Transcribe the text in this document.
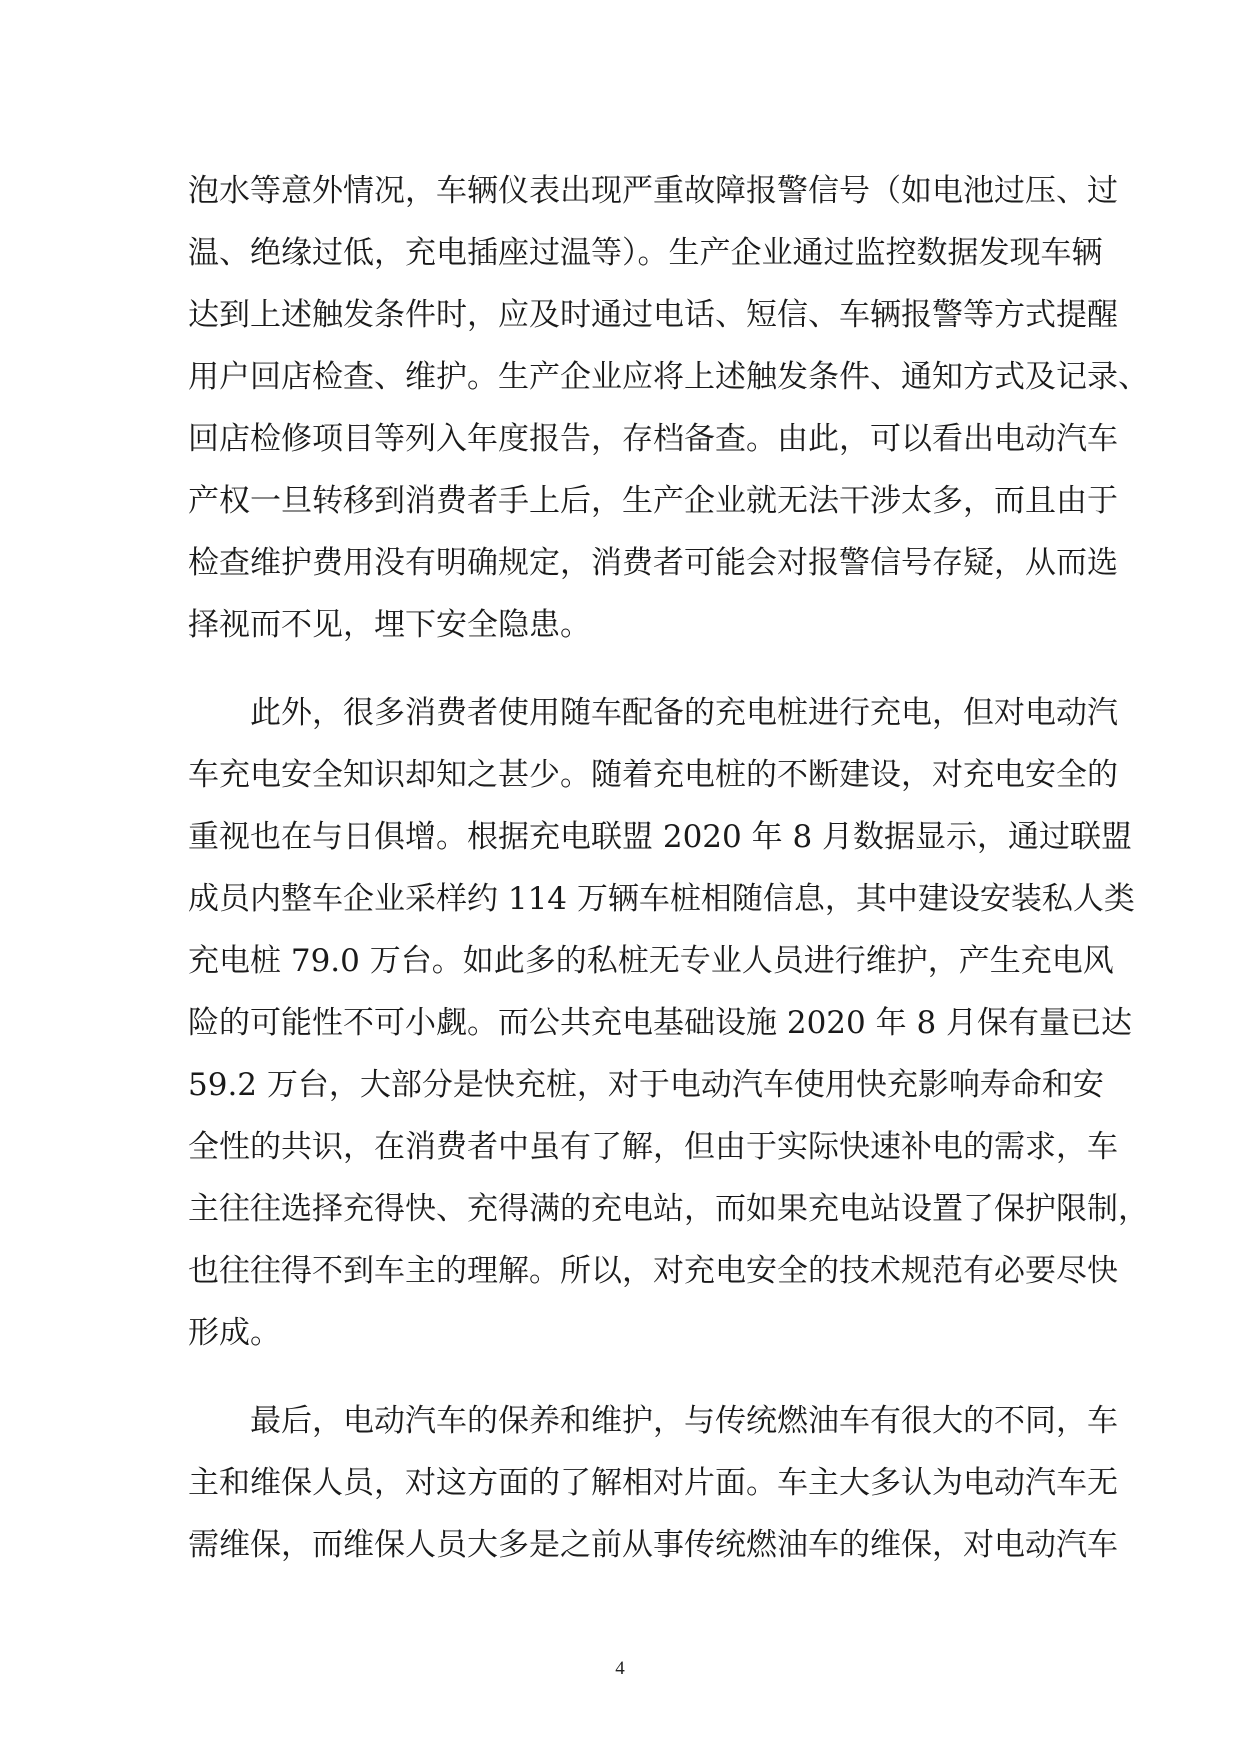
泡水等意外情况，车辆仪表出现严重故障报警信号（如电池过压、过
温、绝缘过低，充电插座过温等）。生产企业通过监控数据发现车辆
达到上述触发条件时，应及时通过电话、短信、车辆报警等方式提醒
用户回店检查、维护。生产企业应将上述触发条件、通知方式及记录、
回店检修项目等列入年度报告，存档备查。由此，可以看出电动汽车
产权一旦转移到消费者手上后，生产企业就无法干涉太多，而且由于
检查维护费用没有明确规定，消费者可能会对报警信号存疑，从而选
择视而不见，埋下安全隐患。

此外，很多消费者使用随车配备的充电桩进行充电，但对电动汽
车充电安全知识却知之甚少。随着充电桩的不断建设，对充电安全的
重视也在与日俱增。根据充电联盟 2020 年 8 月数据显示，通过联盟
成员内整车企业采样约 114 万辆车桩相随信息，其中建设安装私人类
充电桩 79.0 万台。如此多的私桩无专业人员进行维护，产生充电风
险的可能性不可小觑。而公共充电基础设施 2020 年 8 月保有量已达
59.2 万台，大部分是快充桩，对于电动汽车使用快充影响寿命和安
全性的共识，在消费者中虽有了解，但由于实际快速补电的需求，车
主往往选择充得快、充得满的充电站，而如果充电站设置了保护限制，
也往往得不到车主的理解。所以，对充电安全的技术规范有必要尽快
形成。

最后，电动汽车的保养和维护，与传统燃油车有很大的不同，车
主和维保人员，对这方面的了解相对片面。车主大多认为电动汽车无
需维保，而维保人员大多是之前从事传统燃油车的维保，对电动汽车

4
